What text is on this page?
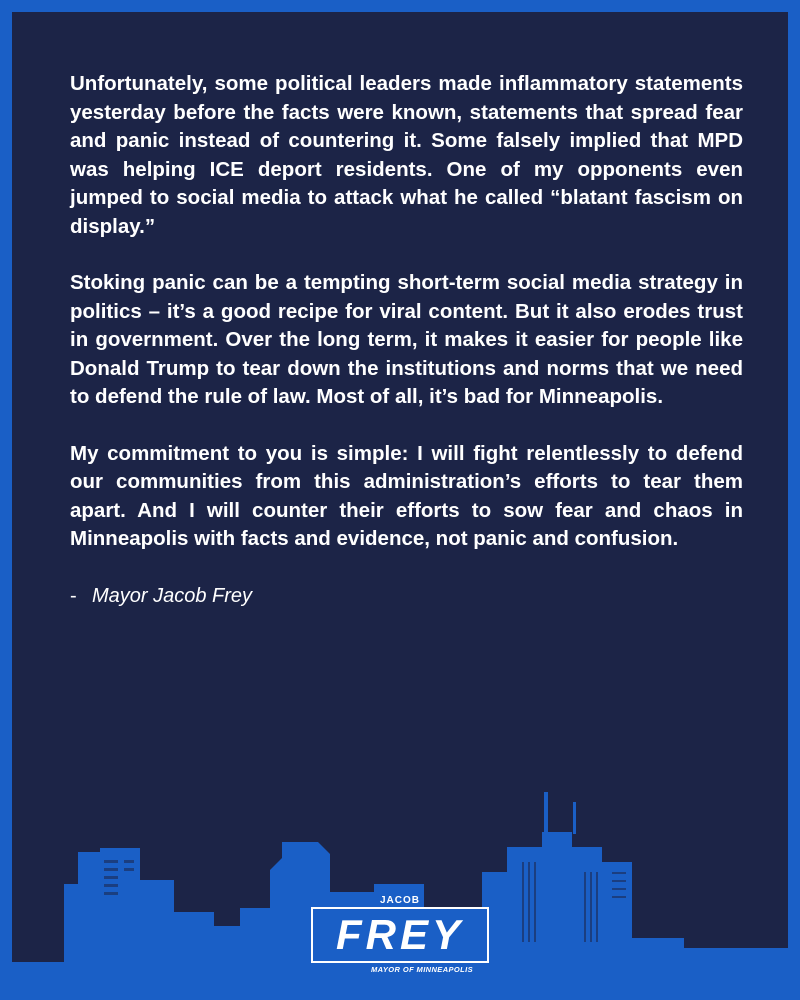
Unfortunately, some political leaders made inflammatory statements yesterday before the facts were known, statements that spread fear and panic instead of countering it. Some falsely implied that MPD was helping ICE deport residents. One of my opponents even jumped to social media to attack what he called “blatant fascism on display.”

Stoking panic can be a tempting short-term social media strategy in politics – it’s a good recipe for viral content. But it also erodes trust in government. Over the long term, it makes it easier for people like Donald Trump to tear down the institutions and norms that we need to defend the rule of law. Most of all, it’s bad for Minneapolis.

My commitment to you is simple: I will fight relentlessly to defend our communities from this administration’s efforts to tear them apart. And I will counter their efforts to sow fear and chaos in Minneapolis with facts and evidence, not panic and confusion.

- Mayor Jacob Frey

JACOB
FREY
MAYOR OF MINNEAPOLIS
